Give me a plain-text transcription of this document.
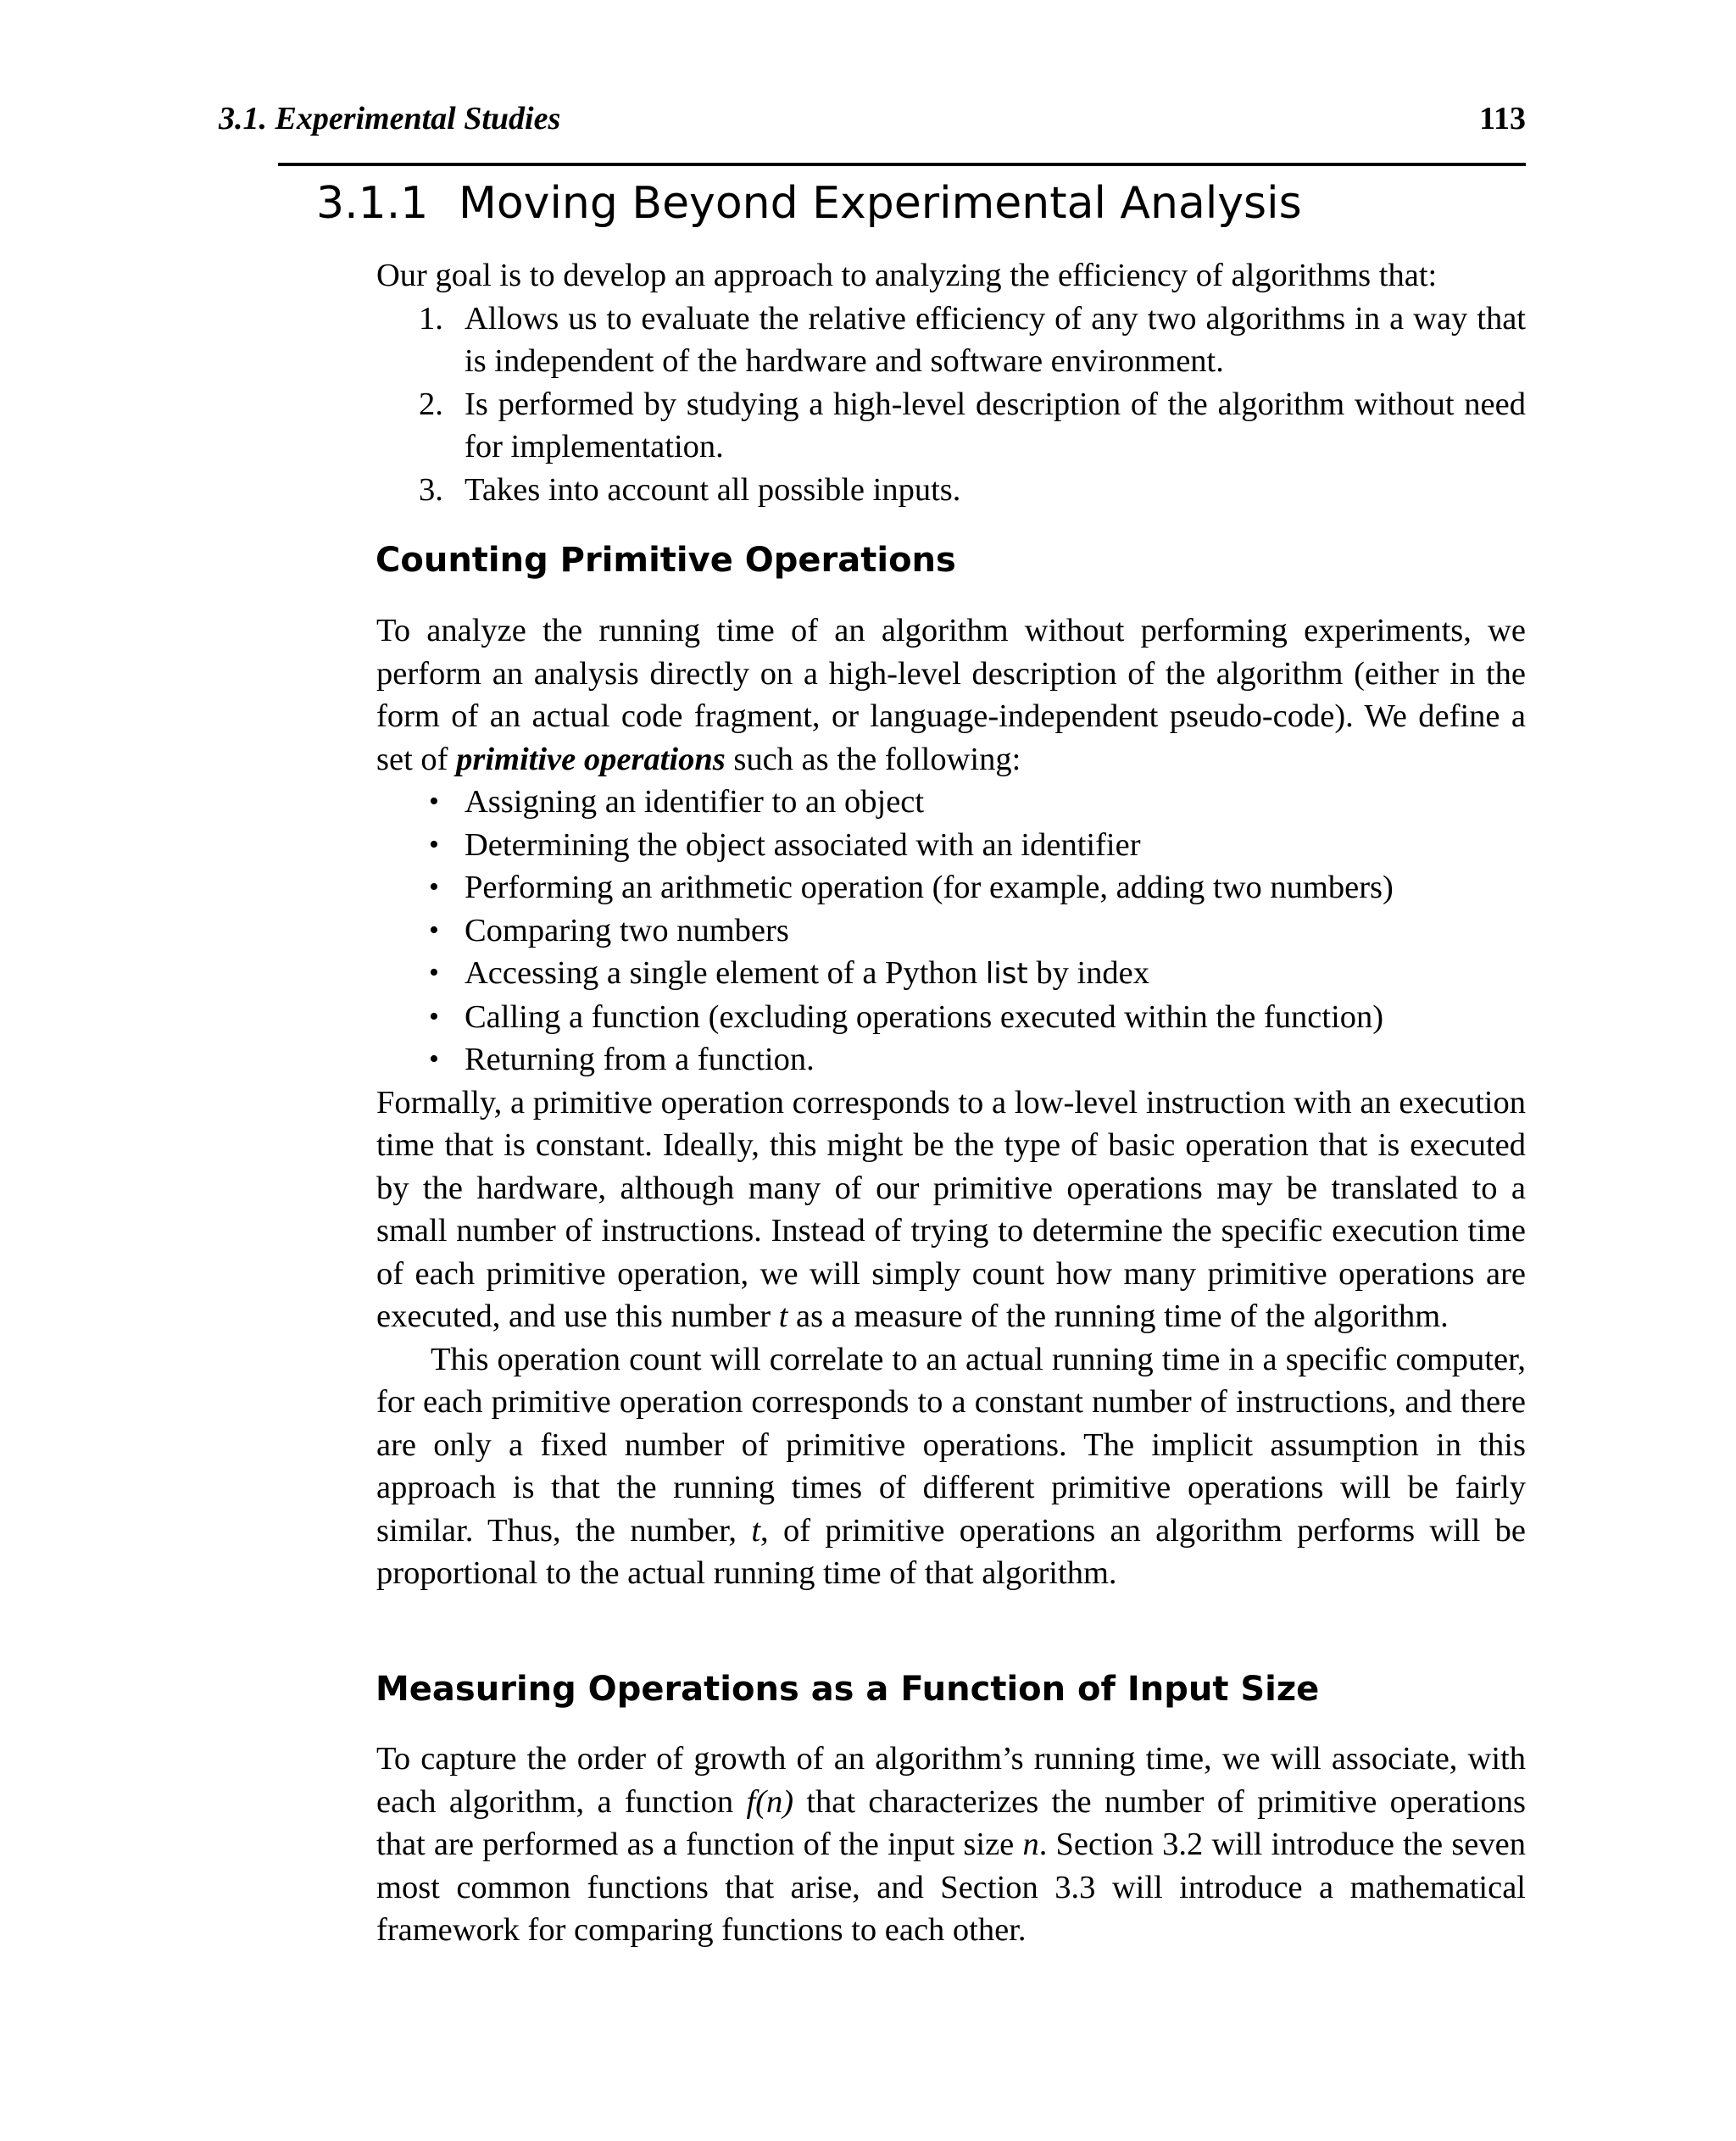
3.1. Experimental Studies	113
3.1.1 Moving Beyond Experimental Analysis

Our goal is to develop an approach to analyzing the efficiency of algorithms that:

1. Allows us to evaluate the relative efficiency of any two algorithms in a way that is independent of the hardware and software environment.
2. Is performed by studying a high-level description of the algorithm without need for implementation.
3. Takes into account all possible inputs.
Counting Primitive Operations

To analyze the running time of an algorithm without performing experiments, we perform an analysis directly on a high-level description of the algorithm (either in the form of an actual code fragment, or language-independent pseudo-code). We define a set of primitive operations such as the following:

• Assigning an identifier to an object
• Determining the object associated with an identifier
• Performing an arithmetic operation (for example, adding two numbers)
• Comparing two numbers
• Accessing a single element of a Python list by index
• Calling a function (excluding operations executed within the function)
• Returning from a function.

Formally, a primitive operation corresponds to a low-level instruction with an execution time that is constant. Ideally, this might be the type of basic operation that is executed by the hardware, although many of our primitive operations may be translated to a small number of instructions. Instead of trying to determine the specific execution time of each primitive operation, we will simply count how many primitive operations are executed, and use this number t as a measure of the running time of the algorithm.

This operation count will correlate to an actual running time in a specific computer, for each primitive operation corresponds to a constant number of instructions, and there are only a fixed number of primitive operations. The implicit assumption in this approach is that the running times of different primitive operations will be fairly similar. Thus, the number, t, of primitive operations an algorithm performs will be proportional to the actual running time of that algorithm.

Measuring Operations as a Function of Input Size

To capture the order of growth of an algorithm’s running time, we will associate, with each algorithm, a function f(n) that characterizes the number of primitive operations that are performed as a function of the input size n. Section 3.2 will introduce the seven most common functions that arise, and Section 3.3 will introduce a mathematical framework for comparing functions to each other.
